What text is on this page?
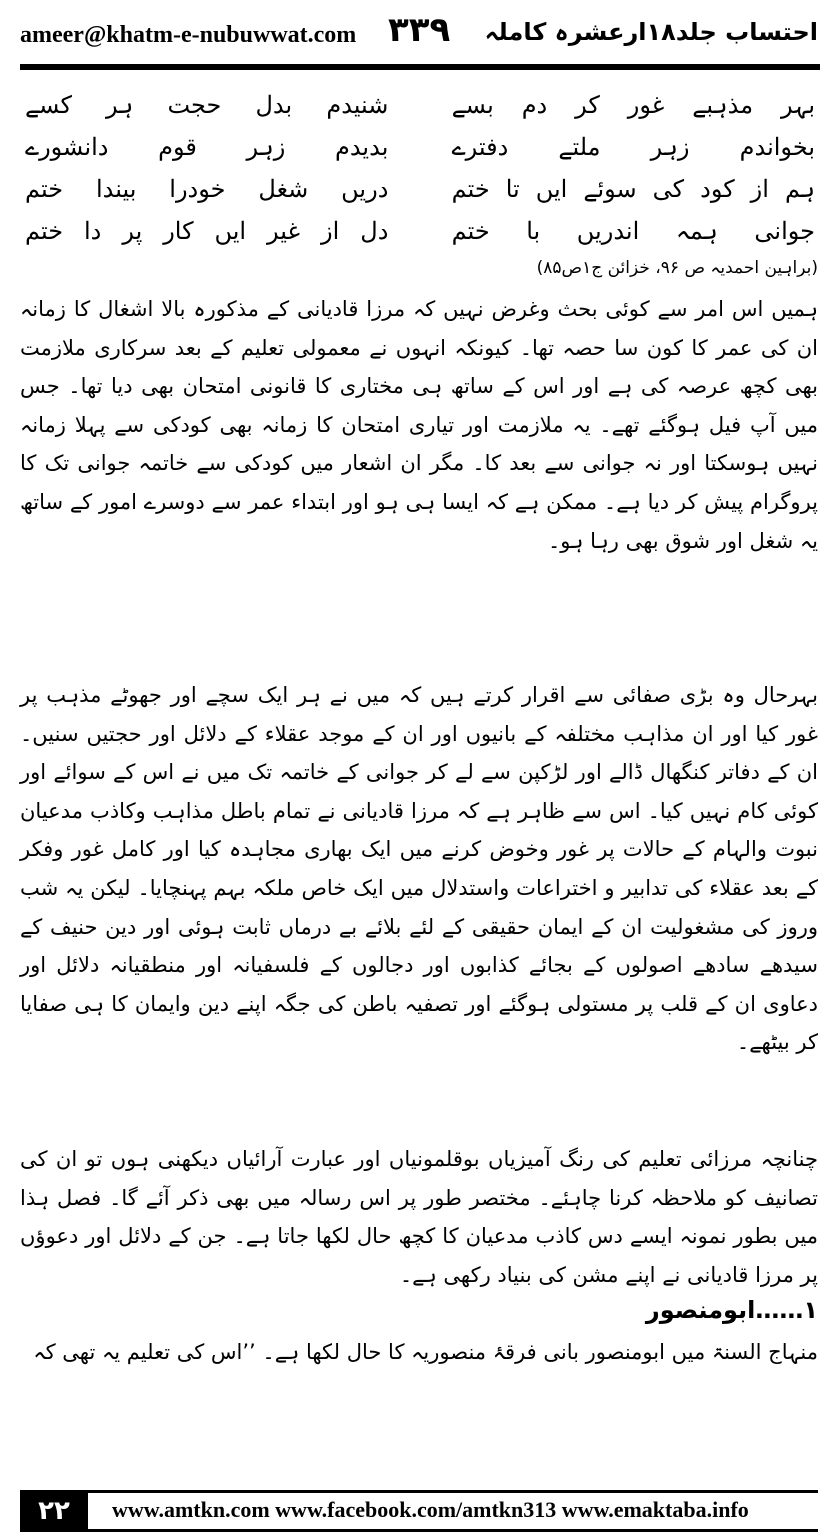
ameer@khatm-e-nubuwwat.com ۳۳۹ احتساب جلد۱۸ارعشرہ کاملہ
بہر مذہبے غور کر دم بسے
شنیدم بدل حجت ہر کسے
بخواندم زہر ملتے دفترے
بدیدم زہر قوم دانشورے
ہم از کود کی سوئے ایں تا ختم
دریں شغل خودرا بیندا ختم
جوانی ہمہ اندریں با ختم
دل از غیر ایں کار پر دا ختم
(براہین احمدیہ ص ۹۶، خزائن ج۱ص۸۵)

ہمیں اس امر سے کوئی بحث وغرض نہیں کہ مرزا قادیانی کے مذکورہ بالا اشغال کا زمانہ ان کی عمر کا کون سا حصہ تھا۔ کیونکہ انہوں نے معمولی تعلیم کے بعد سرکاری ملازمت بھی کچھ عرصہ کی ہے اور اس کے ساتھ ہی مختاری کا قانونی امتحان بھی دیا تھا۔ جس میں آپ فیل ہوگئے تھے۔ یہ ملازمت اور تیاری امتحان کا زمانہ بھی کودکی سے پہلا زمانہ نہیں ہوسکتا اور نہ جوانی سے بعد کا۔ مگر ان اشعار میں کودکی سے خاتمہ جوانی تک کا پروگرام پیش کر دیا ہے۔ ممکن ہے کہ ایسا ہی ہو اور ابتداء عمر سے دوسرے امور کے ساتھ یہ شغل اور شوق بھی رہا ہو۔

بہرحال وہ بڑی صفائی سے اقرار کرتے ہیں کہ میں نے ہر ایک سچے اور جھوٹے مذہب پر غور کیا اور ان مذاہب مختلفہ کے بانیوں اور ان کے موجد عقلاء کے دلائل اور حجتیں سنیں۔ ان کے دفاتر کنگھال ڈالے اور لڑکپن سے لے کر جوانی کے خاتمہ تک میں نے اس کے سوائے اور کوئی کام نہیں کیا۔ اس سے ظاہر ہے کہ مرزا قادیانی نے تمام باطل مذاہب وکاذب مدعیان نبوت والہام کے حالات پر غور وخوض کرنے میں ایک بھاری مجاہدہ کیا اور کامل غور وفکر کے بعد عقلاء کی تدابیر و اختراعات واستدلال میں ایک خاص ملکہ بہم پہنچایا۔ لیکن یہ شب وروز کی مشغولیت ان کے ایمان حقیقی کے لئے بلائے بے درماں ثابت ہوئی اور دین حنیف کے سیدھے سادھے اصولوں کے بجائے کذابوں اور دجالوں کے فلسفیانہ اور منطقیانہ دلائل اور دعاوی ان کے قلب پر مستولی ہوگئے اور تصفیہ باطن کی جگہ اپنے دین وایمان کا ہی صفایا کر بیٹھے۔

چنانچہ مرزائی تعلیم کی رنگ آمیزیاں بوقلمونیاں اور عبارت آرائیاں دیکھنی ہوں تو ان کی تصانیف کو ملاحظہ کرنا چاہئے۔ مختصر طور پر اس رسالہ میں بھی ذکر آئے گا۔ فصل ہذا میں بطور نمونہ ایسے دس کاذب مدعیان کا کچھ حال لکھا جاتا ہے۔ جن کے دلائل اور دعوؤں پر مرزا قادیانی نے اپنے مشن کی بنیاد رکھی ہے۔

۱……ابومنصور
منہاج السنۃ میں ابومنصور بانی فرقۂ منصوریہ کا حال لکھا ہے۔ ’’اس کی تعلیم یہ تھی کہ
۲۲	www.amtkn.com www.facebook.com/amtkn313 www.emaktaba.info
